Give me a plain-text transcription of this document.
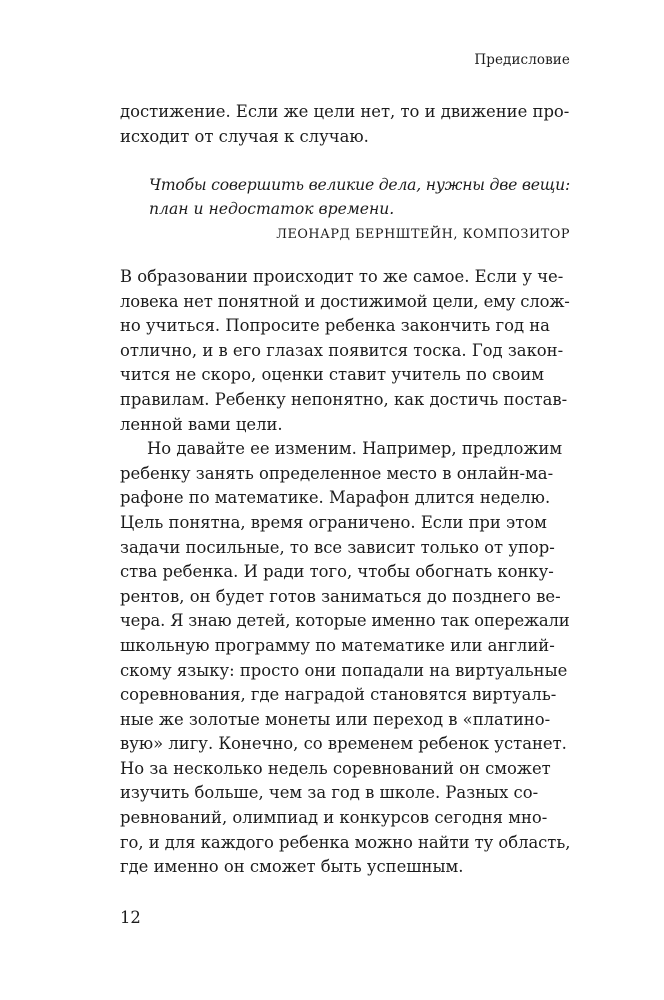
Предисловие
достижение. Если же цели нет, то и движение про-
исходит от случая к случаю.
Чтобы совершить великие дела, нужны две вещи:
план и недостаток времени.
ЛЕОНАРД БЕРНШТЕЙН, КОМПОЗИТОР
В образовании происходит то же самое. Если у че-
ловека нет понятной и достижимой цели, ему слож-
но учиться. Попросите ребенка закончить год на
отлично, и в его глазах появится тоска. Год закон-
чится не скоро, оценки ставит учитель по своим
правилам. Ребенку непонятно, как достичь постав-
ленной вами цели.
Но давайте ее изменим. Например, предложим
ребенку занять определенное место в онлайн-ма-
рафоне по математике. Марафон длится неделю.
Цель понятна, время ограничено. Если при этом
задачи посильные, то все зависит только от упор-
ства ребенка. И ради того, чтобы обогнать конку-
рентов, он будет готов заниматься до позднего ве-
чера. Я знаю детей, которые именно так опережали
школьную программу по математике или англий-
скому языку: просто они попадали на виртуальные
соревнования, где наградой становятся виртуаль-
ные же золотые монеты или переход в «платино-
вую» лигу. Конечно, со временем ребенок устанет.
Но за несколько недель соревнований он сможет
изучить больше, чем за год в школе. Разных со-
ревнований, олимпиад и конкурсов сегодня мно-
го, и для каждого ребенка можно найти ту область,
где именно он сможет быть успешным.
12
